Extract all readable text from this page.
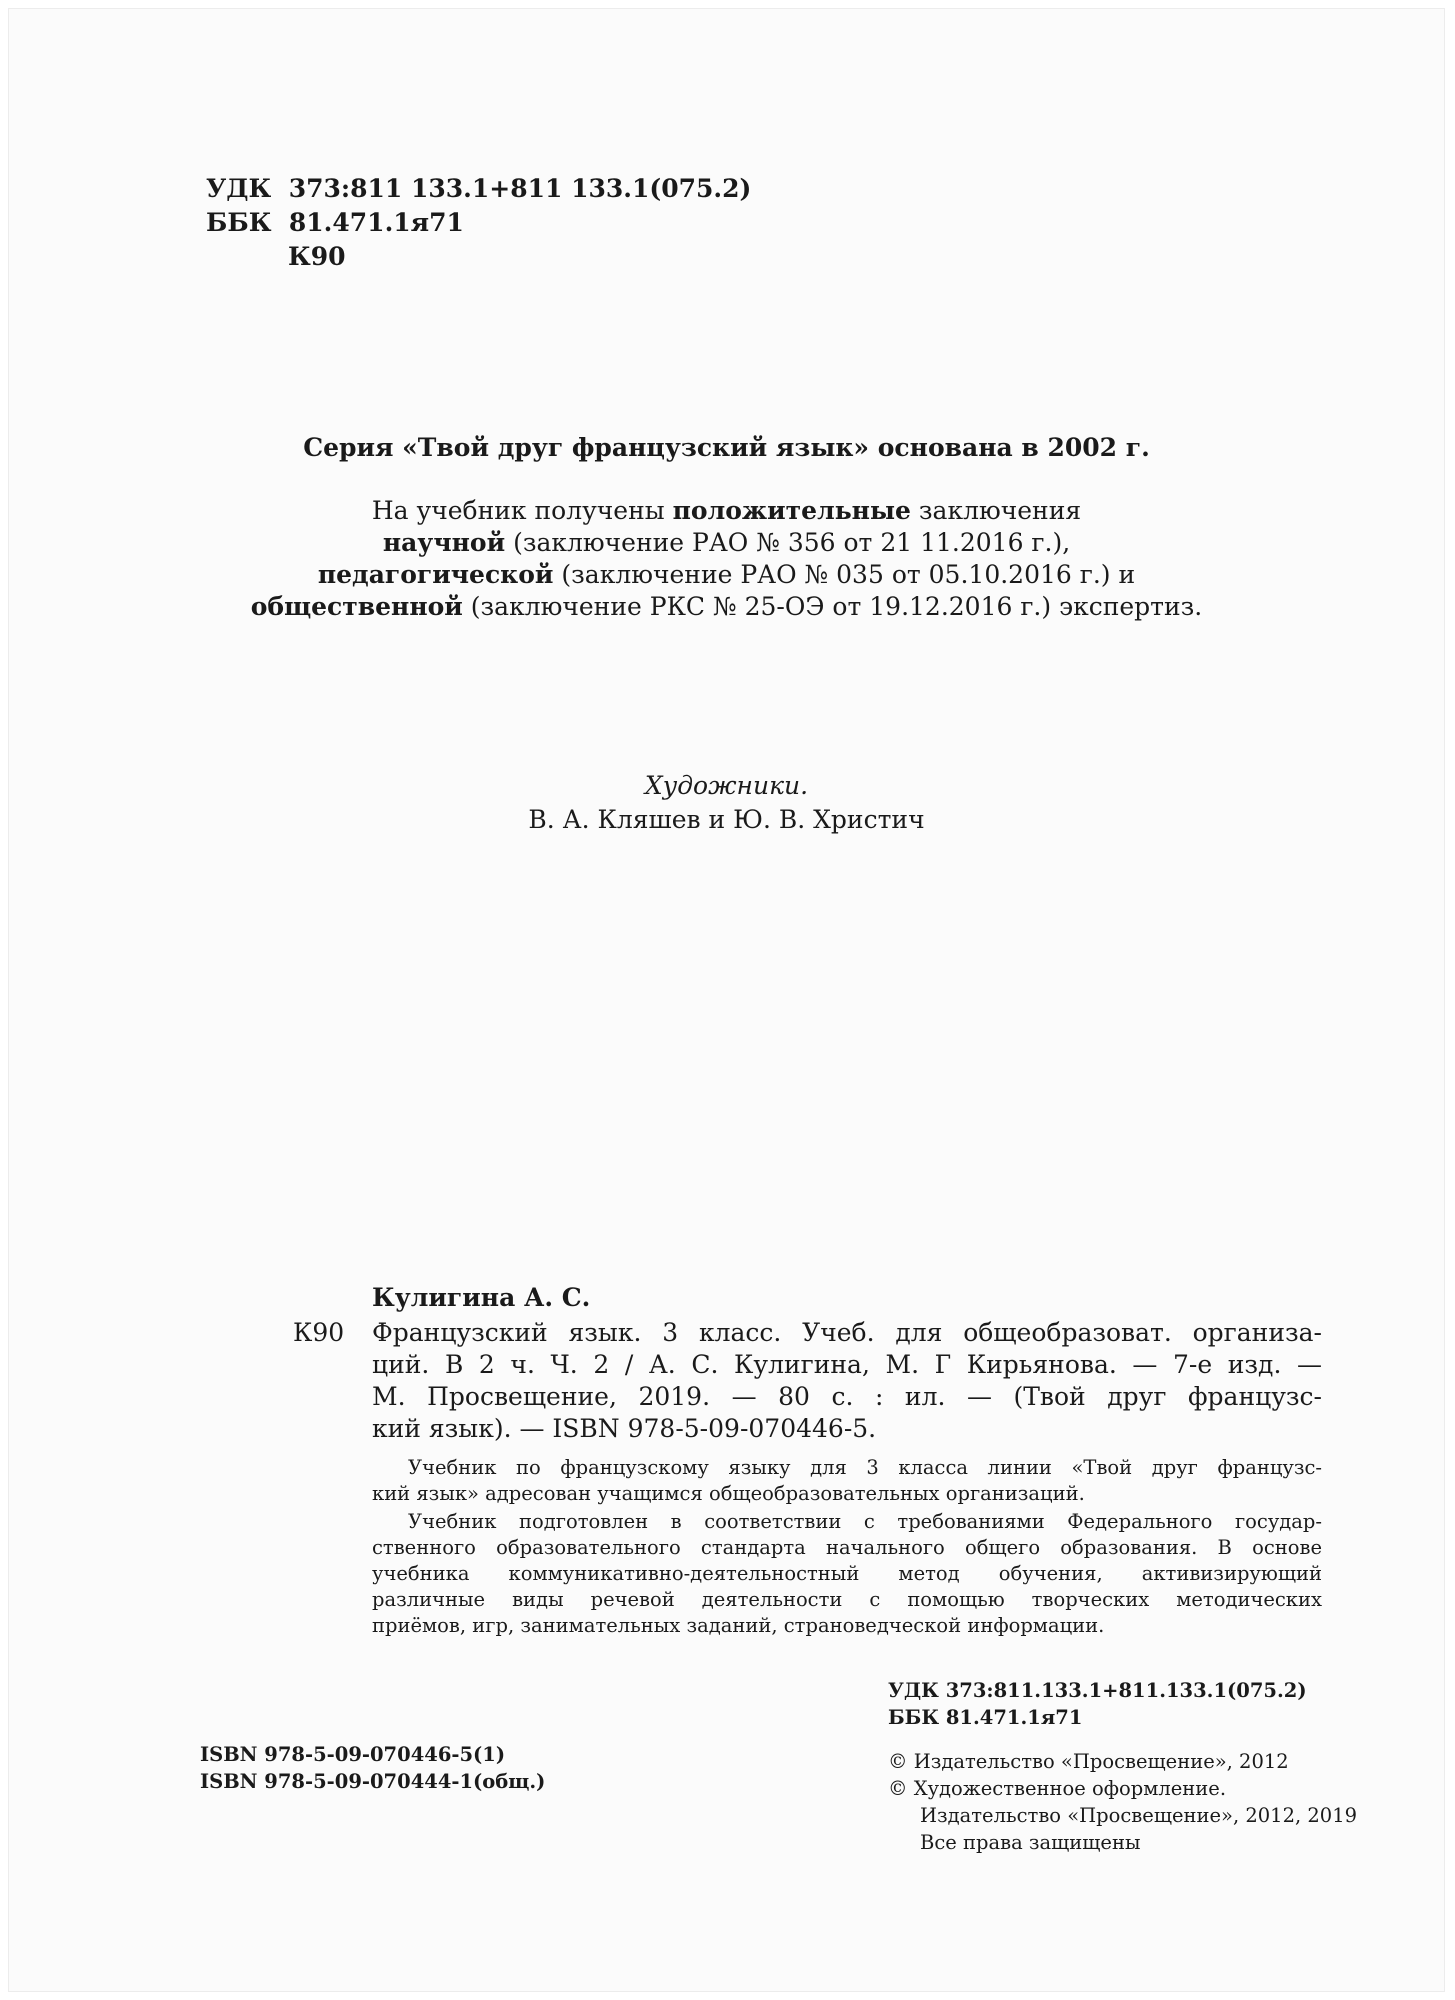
УДК 373:811 133.1+811 133.1(075.2)
ББК 81.471.1я71
К90
Серия «Твой друг французский язык» основана в 2002 г.
На учебник получены положительные заключения
научной (заключение РАО № 356 от 21 11.2016 г.),
педагогической (заключение РАО № 035 от 05.10.2016 г.) и
общественной (заключение РКС № 25-ОЭ от 19.12.2016 г.) экспертиз.
Художники.
В. А. Кляшев и Ю. В. Христич
Кулигина А. С.
К90 Французский язык. 3 класс. Учеб. для общеобразоват. организа-
ций. В 2 ч. Ч. 2 / А. С. Кулигина, М. Г Кирьянова. — 7-е изд. —
М. Просвещение, 2019. — 80 с. : ил. — (Твой друг французс-
кий язык). — ISBN 978-5-09-070446-5.
Учебник по французскому языку для 3 класса линии «Твой друг французс-
кий язык» адресован учащимся общеобразовательных организаций.
Учебник подготовлен в соответствии с требованиями Федерального государ-
ственного образовательного стандарта начального общего образования. В основе
учебника коммуникативно-деятельностный метод обучения, активизирующий
различные виды речевой деятельности с помощью творческих методических
приёмов, игр, занимательных заданий, страноведческой информации.
УДК 373:811.133.1+811.133.1(075.2)
ББК 81.471.1я71
ISBN 978-5-09-070446-5(1)
ISBN 978-5-09-070444-1(общ.)
© Издательство «Просвещение», 2012
© Художественное оформление.
Издательство «Просвещение», 2012, 2019
Все права защищены
